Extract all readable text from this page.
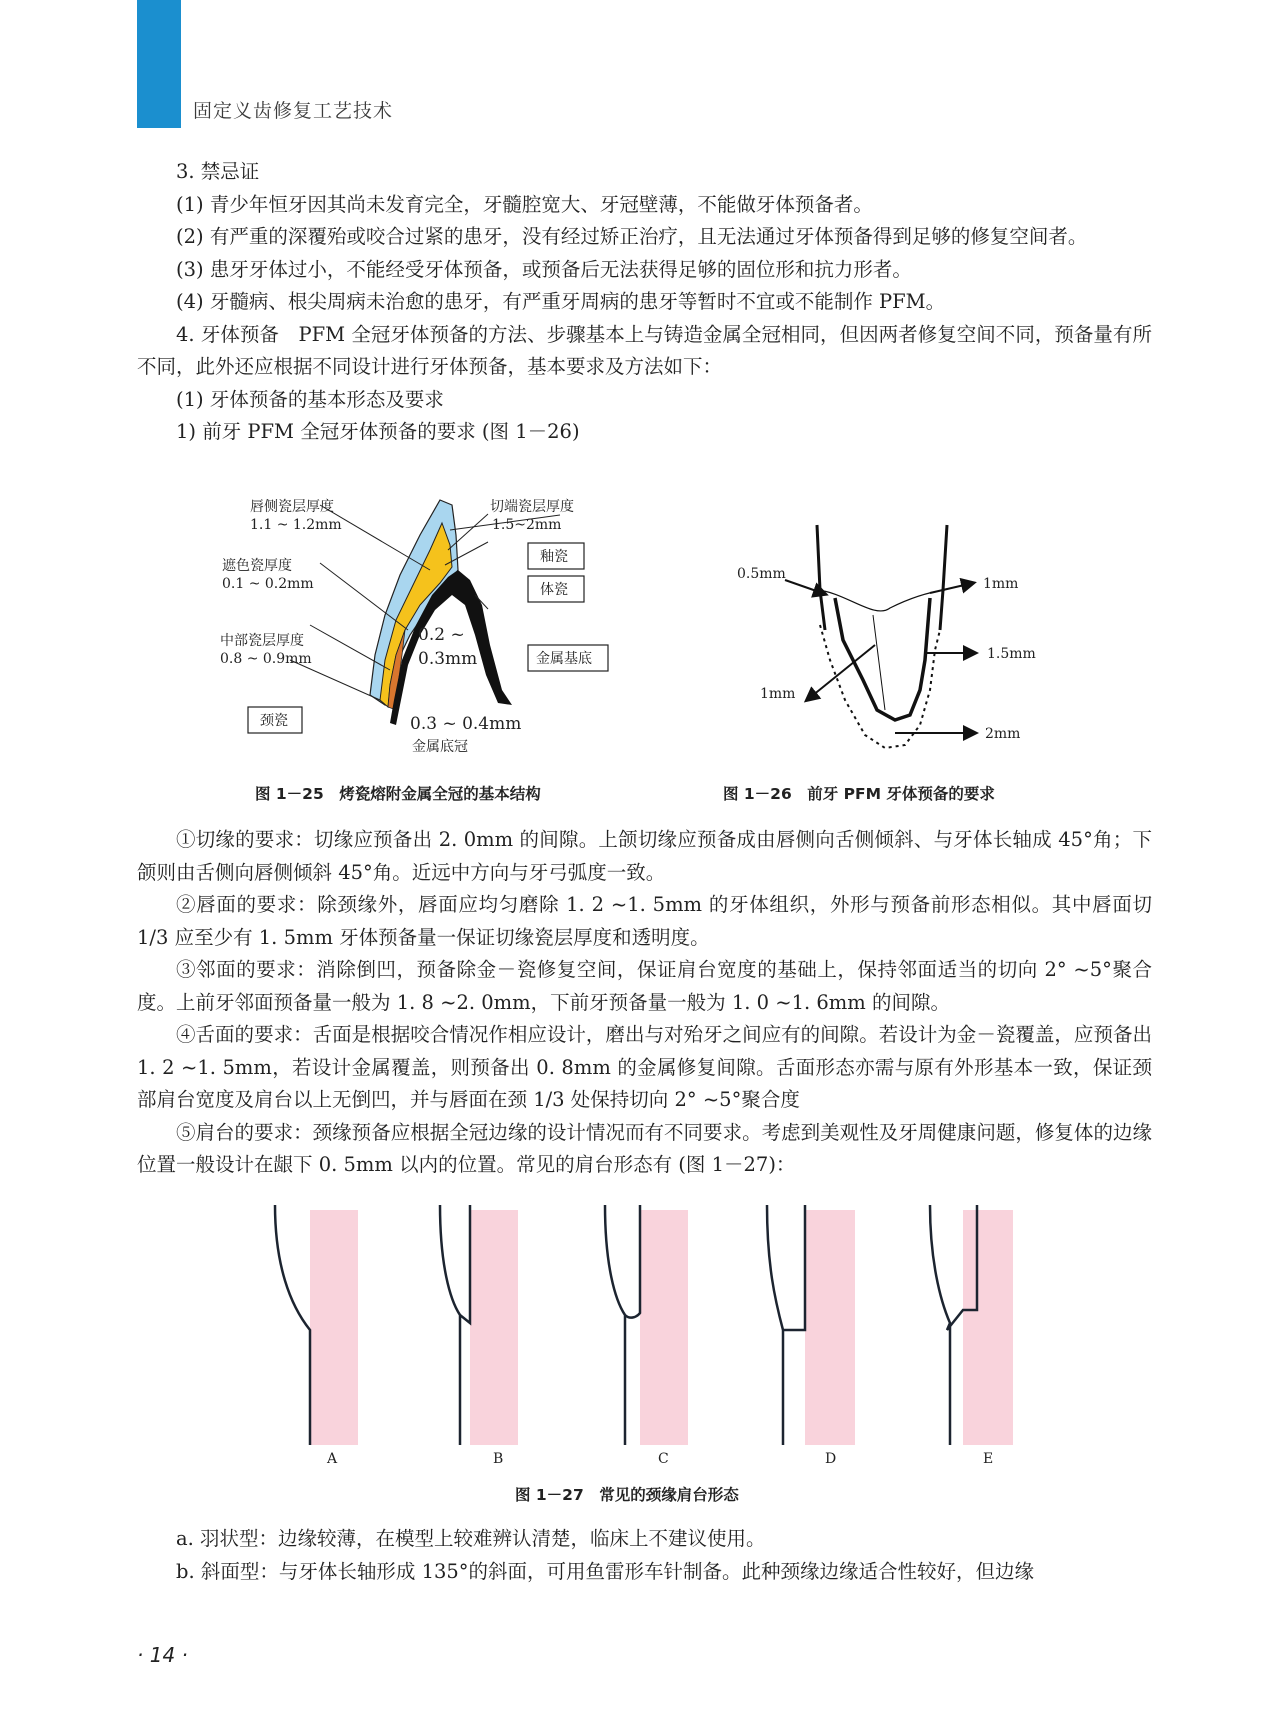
固定义齿修复工艺技术

3. 禁忌证

(1) 青少年恒牙因其尚未发育完全，牙髓腔宽大、牙冠壁薄，不能做牙体预备者。

(2) 有严重的深覆殆或咬合过紧的患牙，没有经过矫正治疗，且无法通过牙体预备得到足够的修复空间者。

(3) 患牙牙体过小，不能经受牙体预备，或预备后无法获得足够的固位形和抗力形者。

(4) 牙髓病、根尖周病未治愈的患牙，有严重牙周病的患牙等暂时不宜或不能制作 PFM。

4. 牙体预备　PFM 全冠牙体预备的方法、步骤基本上与铸造金属全冠相同，但因两者修复空间不同，预备量有所不同，此外还应根据不同设计进行牙体预备，基本要求及方法如下：

(1) 牙体预备的基本形态及要求

1) 前牙 PFM 全冠牙体预备的要求 (图 1－26)

唇侧瓷层厚度
1.1 ~ 1.2mm
遮色瓷厚度
0.1 ~ 0.2mm
中部瓷层厚度
0.8 ~ 0.9mm
颈瓷
切端瓷层厚度
1.5~2mm
釉瓷
体瓷
0.2 ~
0.3mm	金属基底
0.3 ~ 0.4mm
金属底冠
图 1－25　烤瓷熔附金属全冠的基本结构
0.5mm
1mm
1.5mm
1mm
2mm
图 1－26　前牙 PFM 牙体预备的要求

①切缘的要求：切缘应预备出 2. 0mm 的间隙。上颌切缘应预备成由唇侧向舌侧倾斜、与牙体长轴成 45°角；下颌则由舌侧向唇侧倾斜 45°角。近远中方向与牙弓弧度一致。

②唇面的要求：除颈缘外，唇面应均匀磨除 1. 2 ~1. 5mm 的牙体组织，外形与预备前形态相似。其中唇面切 1/3 应至少有 1. 5mm 牙体预备量一保证切缘瓷层厚度和透明度。

③邻面的要求：消除倒凹，预备除金－瓷修复空间，保证肩台宽度的基础上，保持邻面适当的切向 2° ~5°聚合度。上前牙邻面预备量一般为 1. 8 ~2. 0mm，下前牙预备量一般为 1. 0 ~1. 6mm 的间隙。

④舌面的要求：舌面是根据咬合情况作相应设计，磨出与对殆牙之间应有的间隙。若设计为金－瓷覆盖，应预备出 1. 2 ~1. 5mm，若设计金属覆盖，则预备出 0. 8mm 的金属修复间隙。舌面形态亦需与原有外形基本一致，保证颈部肩台宽度及肩台以上无倒凹，并与唇面在颈 1/3 处保持切向 2° ~5°聚合度

⑤肩台的要求：颈缘预备应根据全冠边缘的设计情况而有不同要求。考虑到美观性及牙周健康问题，修复体的边缘位置一般设计在龈下 0. 5mm 以内的位置。常见的肩台形态有 (图 1－27)：

A	B	C	D	E
图 1－27　常见的颈缘肩台形态

a. 羽状型：边缘较薄，在模型上较难辨认清楚，临床上不建议使用。

b. 斜面型：与牙体长轴形成 135°的斜面，可用鱼雷形车针制备。此种颈缘边缘适合性较好，但边缘

· 14 ·
